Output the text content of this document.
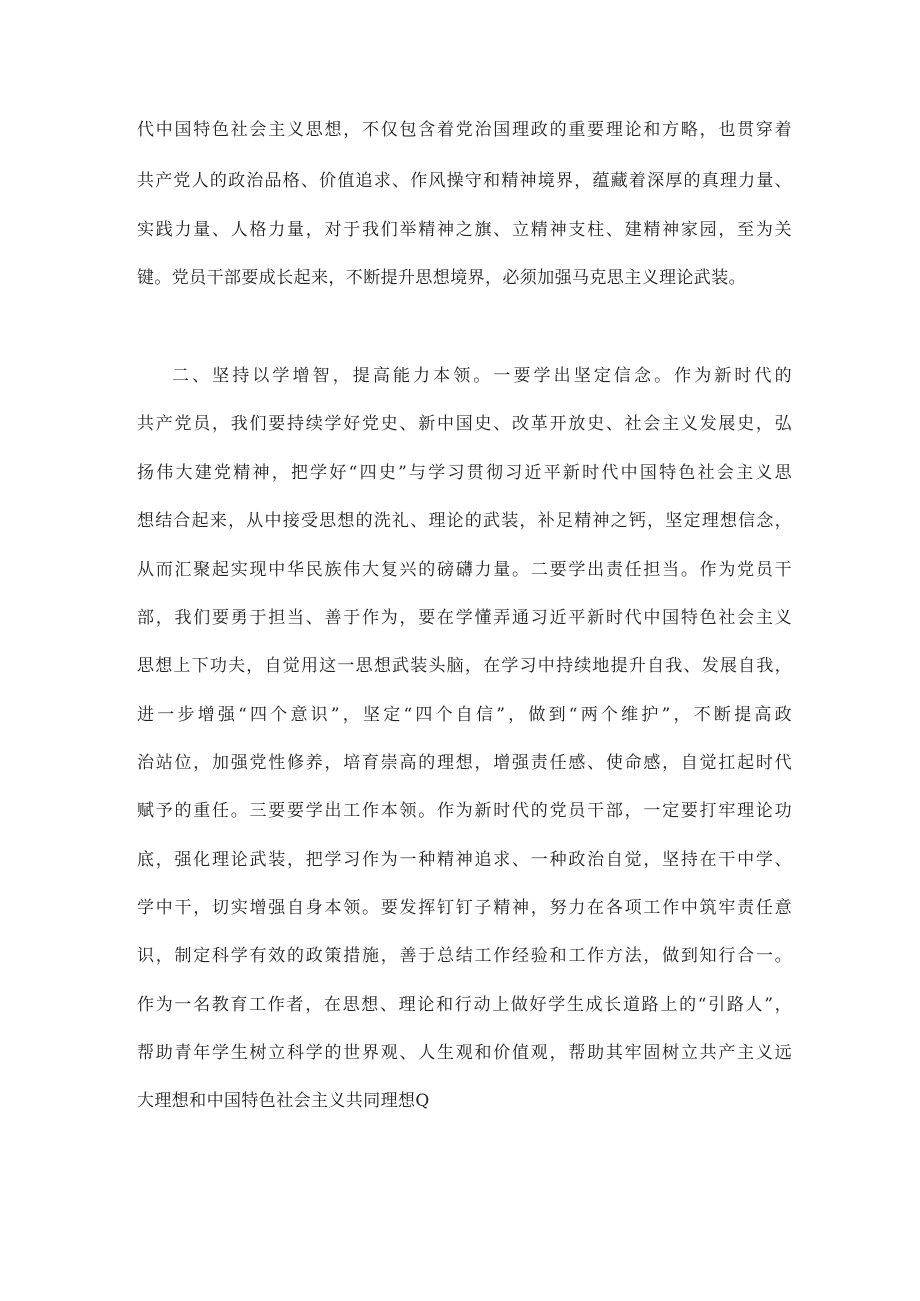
代中国特色社会主义思想，不仅包含着党治国理政的重要理论和方略，也贯穿着

共产党人的政治品格、价值追求、作风操守和精神境界，蕴藏着深厚的真理力量、

实践力量、人格力量，对于我们举精神之旗、立精神支柱、建精神家园，至为关

键。党员干部要成长起来，不断提升思想境界，必须加强马克思主义理论武装。

二、坚持以学增智，提高能力本领。一要学出坚定信念。作为新时代的

共产党员，我们要持续学好党史、新中国史、改革开放史、社会主义发展史，弘

扬伟大建党精神，把学好“四史”与学习贯彻习近平新时代中国特色社会主义思

想结合起来，从中接受思想的洗礼、理论的武装，补足精神之钙，坚定理想信念，

从而汇聚起实现中华民族伟大复兴的磅礴力量。二要学出责任担当。作为党员干

部，我们要勇于担当、善于作为，要在学懂弄通习近平新时代中国特色社会主义

思想上下功夫，自觉用这一思想武装头脑，在学习中持续地提升自我、发展自我，

进一步增强“四个意识”，坚定“四个自信”，做到“两个维护”，不断提高政

治站位，加强党性修养，培育崇高的理想，增强责任感、使命感，自觉扛起时代

赋予的重任。三要要学出工作本领。作为新时代的党员干部，一定要打牢理论功

底，强化理论武装，把学习作为一种精神追求、一种政治自觉，坚持在干中学、

学中干，切实增强自身本领。要发挥钉钉子精神，努力在各项工作中筑牢责任意

识，制定科学有效的政策措施，善于总结工作经验和工作方法，做到知行合一。

作为一名教育工作者，在思想、理论和行动上做好学生成长道路上的“引路人”，

帮助青年学生树立科学的世界观、人生观和价值观，帮助其牢固树立共产主义远

大理想和中国特色社会主义共同理想Q
